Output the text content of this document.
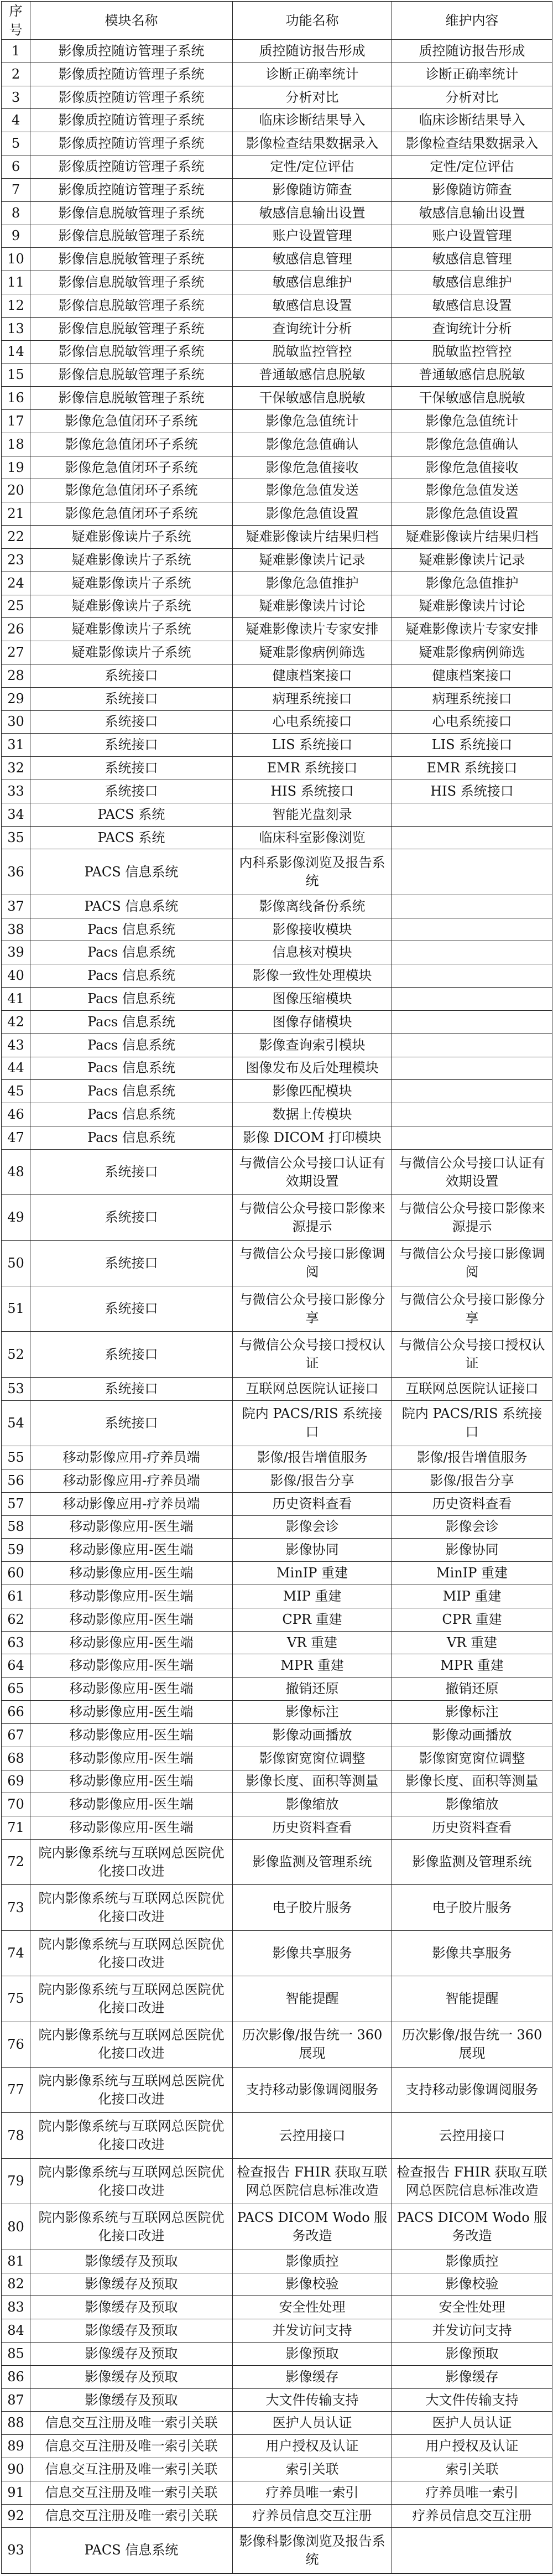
序号	模块名称	功能名称	维护内容
1	影像质控随访管理子系统	质控随访报告形成	质控随访报告形成
2	影像质控随访管理子系统	诊断正确率统计	诊断正确率统计
3	影像质控随访管理子系统	分析对比	分析对比
4	影像质控随访管理子系统	临床诊断结果导入	临床诊断结果导入
5	影像质控随访管理子系统	影像检查结果数据录入	影像检查结果数据录入
6	影像质控随访管理子系统	定性/定位评估	定性/定位评估
7	影像质控随访管理子系统	影像随访筛查	影像随访筛查
8	影像信息脱敏管理子系统	敏感信息输出设置	敏感信息输出设置
9	影像信息脱敏管理子系统	账户设置管理	账户设置管理
10	影像信息脱敏管理子系统	敏感信息管理	敏感信息管理
11	影像信息脱敏管理子系统	敏感信息维护	敏感信息维护
12	影像信息脱敏管理子系统	敏感信息设置	敏感信息设置
13	影像信息脱敏管理子系统	查询统计分析	查询统计分析
14	影像信息脱敏管理子系统	脱敏监控管控	脱敏监控管控
15	影像信息脱敏管理子系统	普通敏感信息脱敏	普通敏感信息脱敏
16	影像信息脱敏管理子系统	干保敏感信息脱敏	干保敏感信息脱敏
17	影像危急值闭环子系统	影像危急值统计	影像危急值统计
18	影像危急值闭环子系统	影像危急值确认	影像危急值确认
19	影像危急值闭环子系统	影像危急值接收	影像危急值接收
20	影像危急值闭环子系统	影像危急值发送	影像危急值发送
21	影像危急值闭环子系统	影像危急值设置	影像危急值设置
22	疑难影像读片子系统	疑难影像读片结果归档	疑难影像读片结果归档
23	疑难影像读片子系统	疑难影像读片记录	疑难影像读片记录
24	疑难影像读片子系统	影像危急值推护	影像危急值推护
25	疑难影像读片子系统	疑难影像读片讨论	疑难影像读片讨论
26	疑难影像读片子系统	疑难影像读片专家安排	疑难影像读片专家安排
27	疑难影像读片子系统	疑难影像病例筛选	疑难影像病例筛选
28	系统接口	健康档案接口	健康档案接口
29	系统接口	病理系统接口	病理系统接口
30	系统接口	心电系统接口	心电系统接口
31	系统接口	LIS 系统接口	LIS 系统接口
32	系统接口	EMR 系统接口	EMR 系统接口
33	系统接口	HIS 系统接口	HIS 系统接口
34	PACS 系统	智能光盘刻录	
35	PACS 系统	临床科室影像浏览	
36	PACS 信息系统	内科系影像浏览及报告系统	
37	PACS 信息系统	影像离线备份系统	
38	Pacs 信息系统	影像接收模块	
39	Pacs 信息系统	信息核对模块	
40	Pacs 信息系统	影像一致性处理模块	
41	Pacs 信息系统	图像压缩模块	
42	Pacs 信息系统	图像存储模块	
43	Pacs 信息系统	影像查询索引模块	
44	Pacs 信息系统	图像发布及后处理模块	
45	Pacs 信息系统	影像匹配模块	
46	Pacs 信息系统	数据上传模块	
47	Pacs 信息系统	影像 DICOM 打印模块	
48	系统接口	与微信公众号接口认证有效期设置	与微信公众号接口认证有效期设置
49	系统接口	与微信公众号接口影像来源提示	与微信公众号接口影像来源提示
50	系统接口	与微信公众号接口影像调阅	与微信公众号接口影像调阅
51	系统接口	与微信公众号接口影像分享	与微信公众号接口影像分享
52	系统接口	与微信公众号接口授权认证	与微信公众号接口授权认证
53	系统接口	互联网总医院认证接口	互联网总医院认证接口
54	系统接口	院内 PACS/RIS 系统接口	院内 PACS/RIS 系统接口
55	移动影像应用-疗养员端	影像/报告增值服务	影像/报告增值服务
56	移动影像应用-疗养员端	影像/报告分享	影像/报告分享
57	移动影像应用-疗养员端	历史资料查看	历史资料查看
58	移动影像应用-医生端	影像会诊	影像会诊
59	移动影像应用-医生端	影像协同	影像协同
60	移动影像应用-医生端	MinIP 重建	MinIP 重建
61	移动影像应用-医生端	MIP 重建	MIP 重建
62	移动影像应用-医生端	CPR 重建	CPR 重建
63	移动影像应用-医生端	VR 重建	VR 重建
64	移动影像应用-医生端	MPR 重建	MPR 重建
65	移动影像应用-医生端	撤销还原	撤销还原
66	移动影像应用-医生端	影像标注	影像标注
67	移动影像应用-医生端	影像动画播放	影像动画播放
68	移动影像应用-医生端	影像窗宽窗位调整	影像窗宽窗位调整
69	移动影像应用-医生端	影像长度、面积等测量	影像长度、面积等测量
70	移动影像应用-医生端	影像缩放	影像缩放
71	移动影像应用-医生端	历史资料查看	历史资料查看
72	院内影像系统与互联网总医院优化接口改进	影像监测及管理系统	影像监测及管理系统
73	院内影像系统与互联网总医院优化接口改进	电子胶片服务	电子胶片服务
74	院内影像系统与互联网总医院优化接口改进	影像共享服务	影像共享服务
75	院内影像系统与互联网总医院优化接口改进	智能提醒	智能提醒
76	院内影像系统与互联网总医院优化接口改进	历次影像/报告统一 360 展现	历次影像/报告统一 360 展现
77	院内影像系统与互联网总医院优化接口改进	支持移动影像调阅服务	支持移动影像调阅服务
78	院内影像系统与互联网总医院优化接口改进	云控用接口	云控用接口
79	院内影像系统与互联网总医院优化接口改进	检查报告 FHIR 获取互联网总医院信息标准改造	检查报告 FHIR 获取互联网总医院信息标准改造
80	院内影像系统与互联网总医院优化接口改进	PACS DICOM Wodo 服务改造	PACS DICOM Wodo 服务改造
81	影像缓存及预取	影像质控	影像质控
82	影像缓存及预取	影像校验	影像校验
83	影像缓存及预取	安全性处理	安全性处理
84	影像缓存及预取	并发访问支持	并发访问支持
85	影像缓存及预取	影像预取	影像预取
86	影像缓存及预取	影像缓存	影像缓存
87	影像缓存及预取	大文件传输支持	大文件传输支持
88	信息交互注册及唯一索引关联	医护人员认证	医护人员认证
89	信息交互注册及唯一索引关联	用户授权及认证	用户授权及认证
90	信息交互注册及唯一索引关联	索引关联	索引关联
91	信息交互注册及唯一索引关联	疗养员唯一索引	疗养员唯一索引
92	信息交互注册及唯一索引关联	疗养员信息交互注册	疗养员信息交互注册
93	PACS 信息系统	影像科影像浏览及报告系统	
